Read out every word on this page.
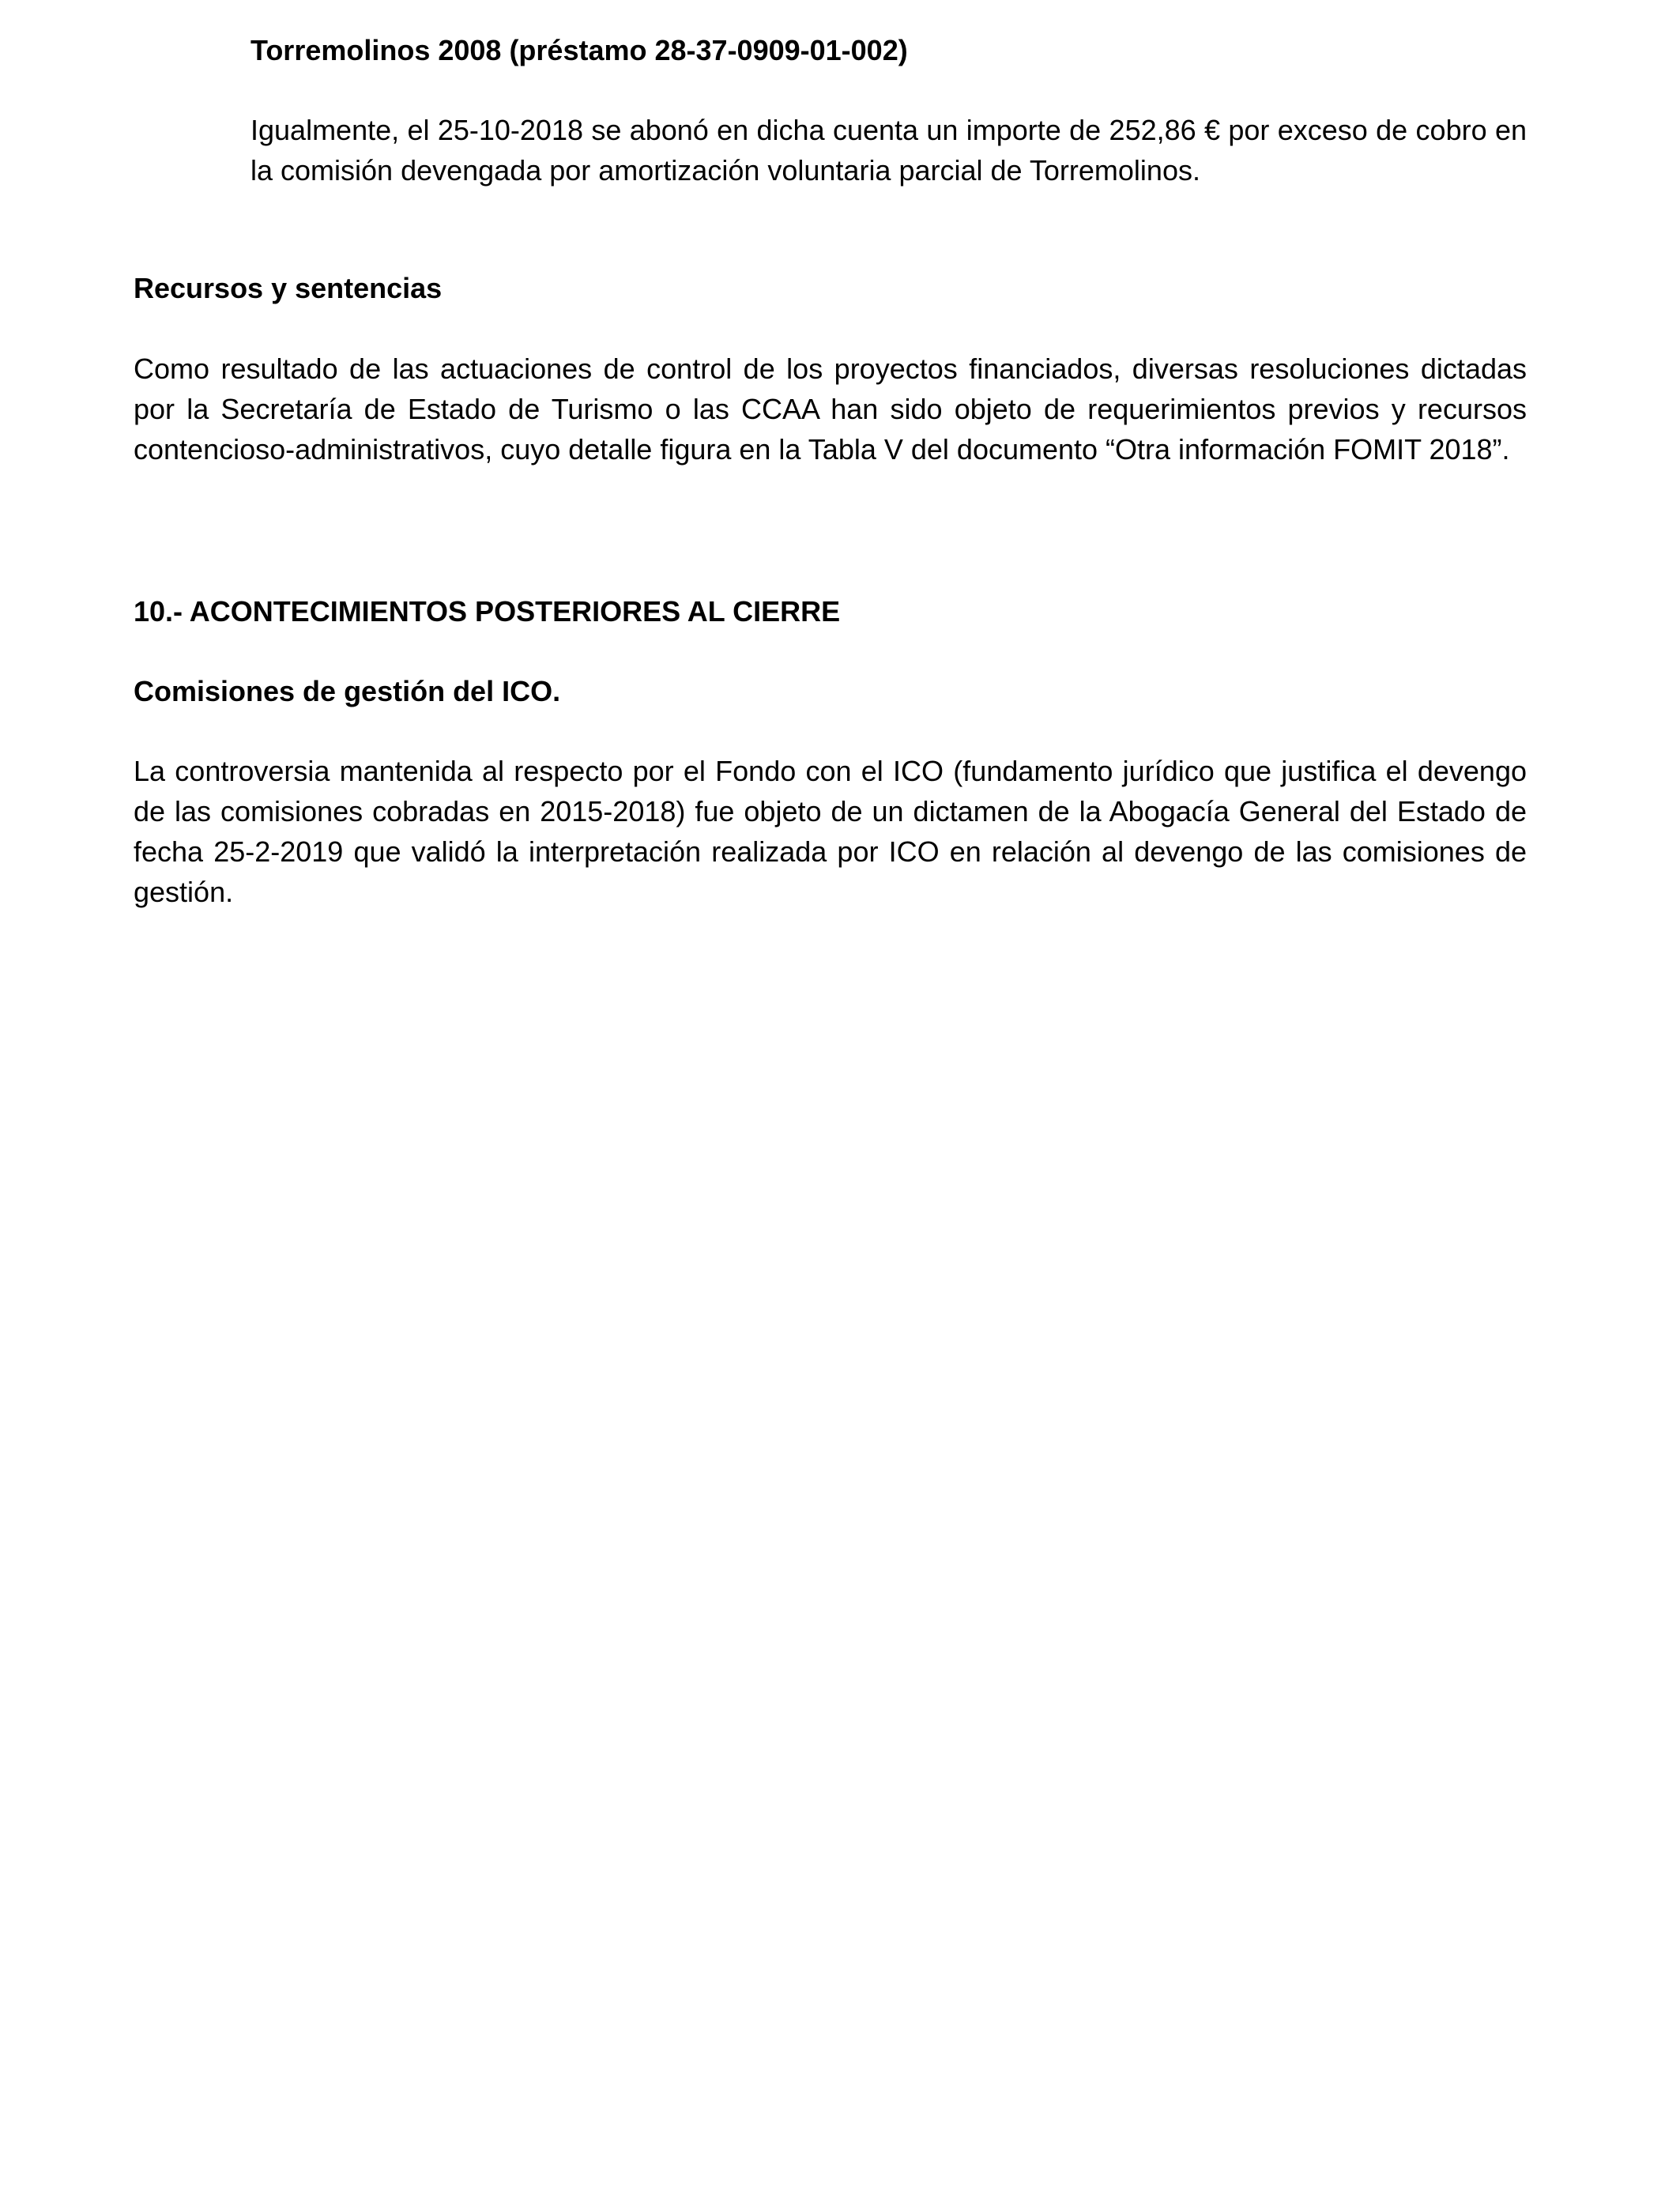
Torremolinos 2008 (préstamo 28-37-0909-01-002)

Igualmente, el 25-10-2018 se abonó en dicha cuenta un importe de 252,86 € por exceso de cobro en la comisión devengada por amortización voluntaria parcial de Torremolinos.

Recursos y sentencias

Como resultado de las actuaciones de control de los proyectos financiados, diversas resoluciones dictadas por la Secretaría de Estado de Turismo o las CCAA han sido objeto de requerimientos previos y recursos contencioso-administrativos, cuyo detalle figura en la Tabla V del documento “Otra información FOMIT 2018”.

10.- ACONTECIMIENTOS POSTERIORES AL CIERRE

Comisiones de gestión del ICO.

La controversia mantenida al respecto por el Fondo con el ICO (fundamento jurídico que justifica el devengo de las comisiones cobradas en 2015-2018) fue objeto de un dictamen de la Abogacía General del Estado de fecha 25-2-2019 que validó la interpretación realizada por ICO en relación al devengo de las comisiones de gestión.
